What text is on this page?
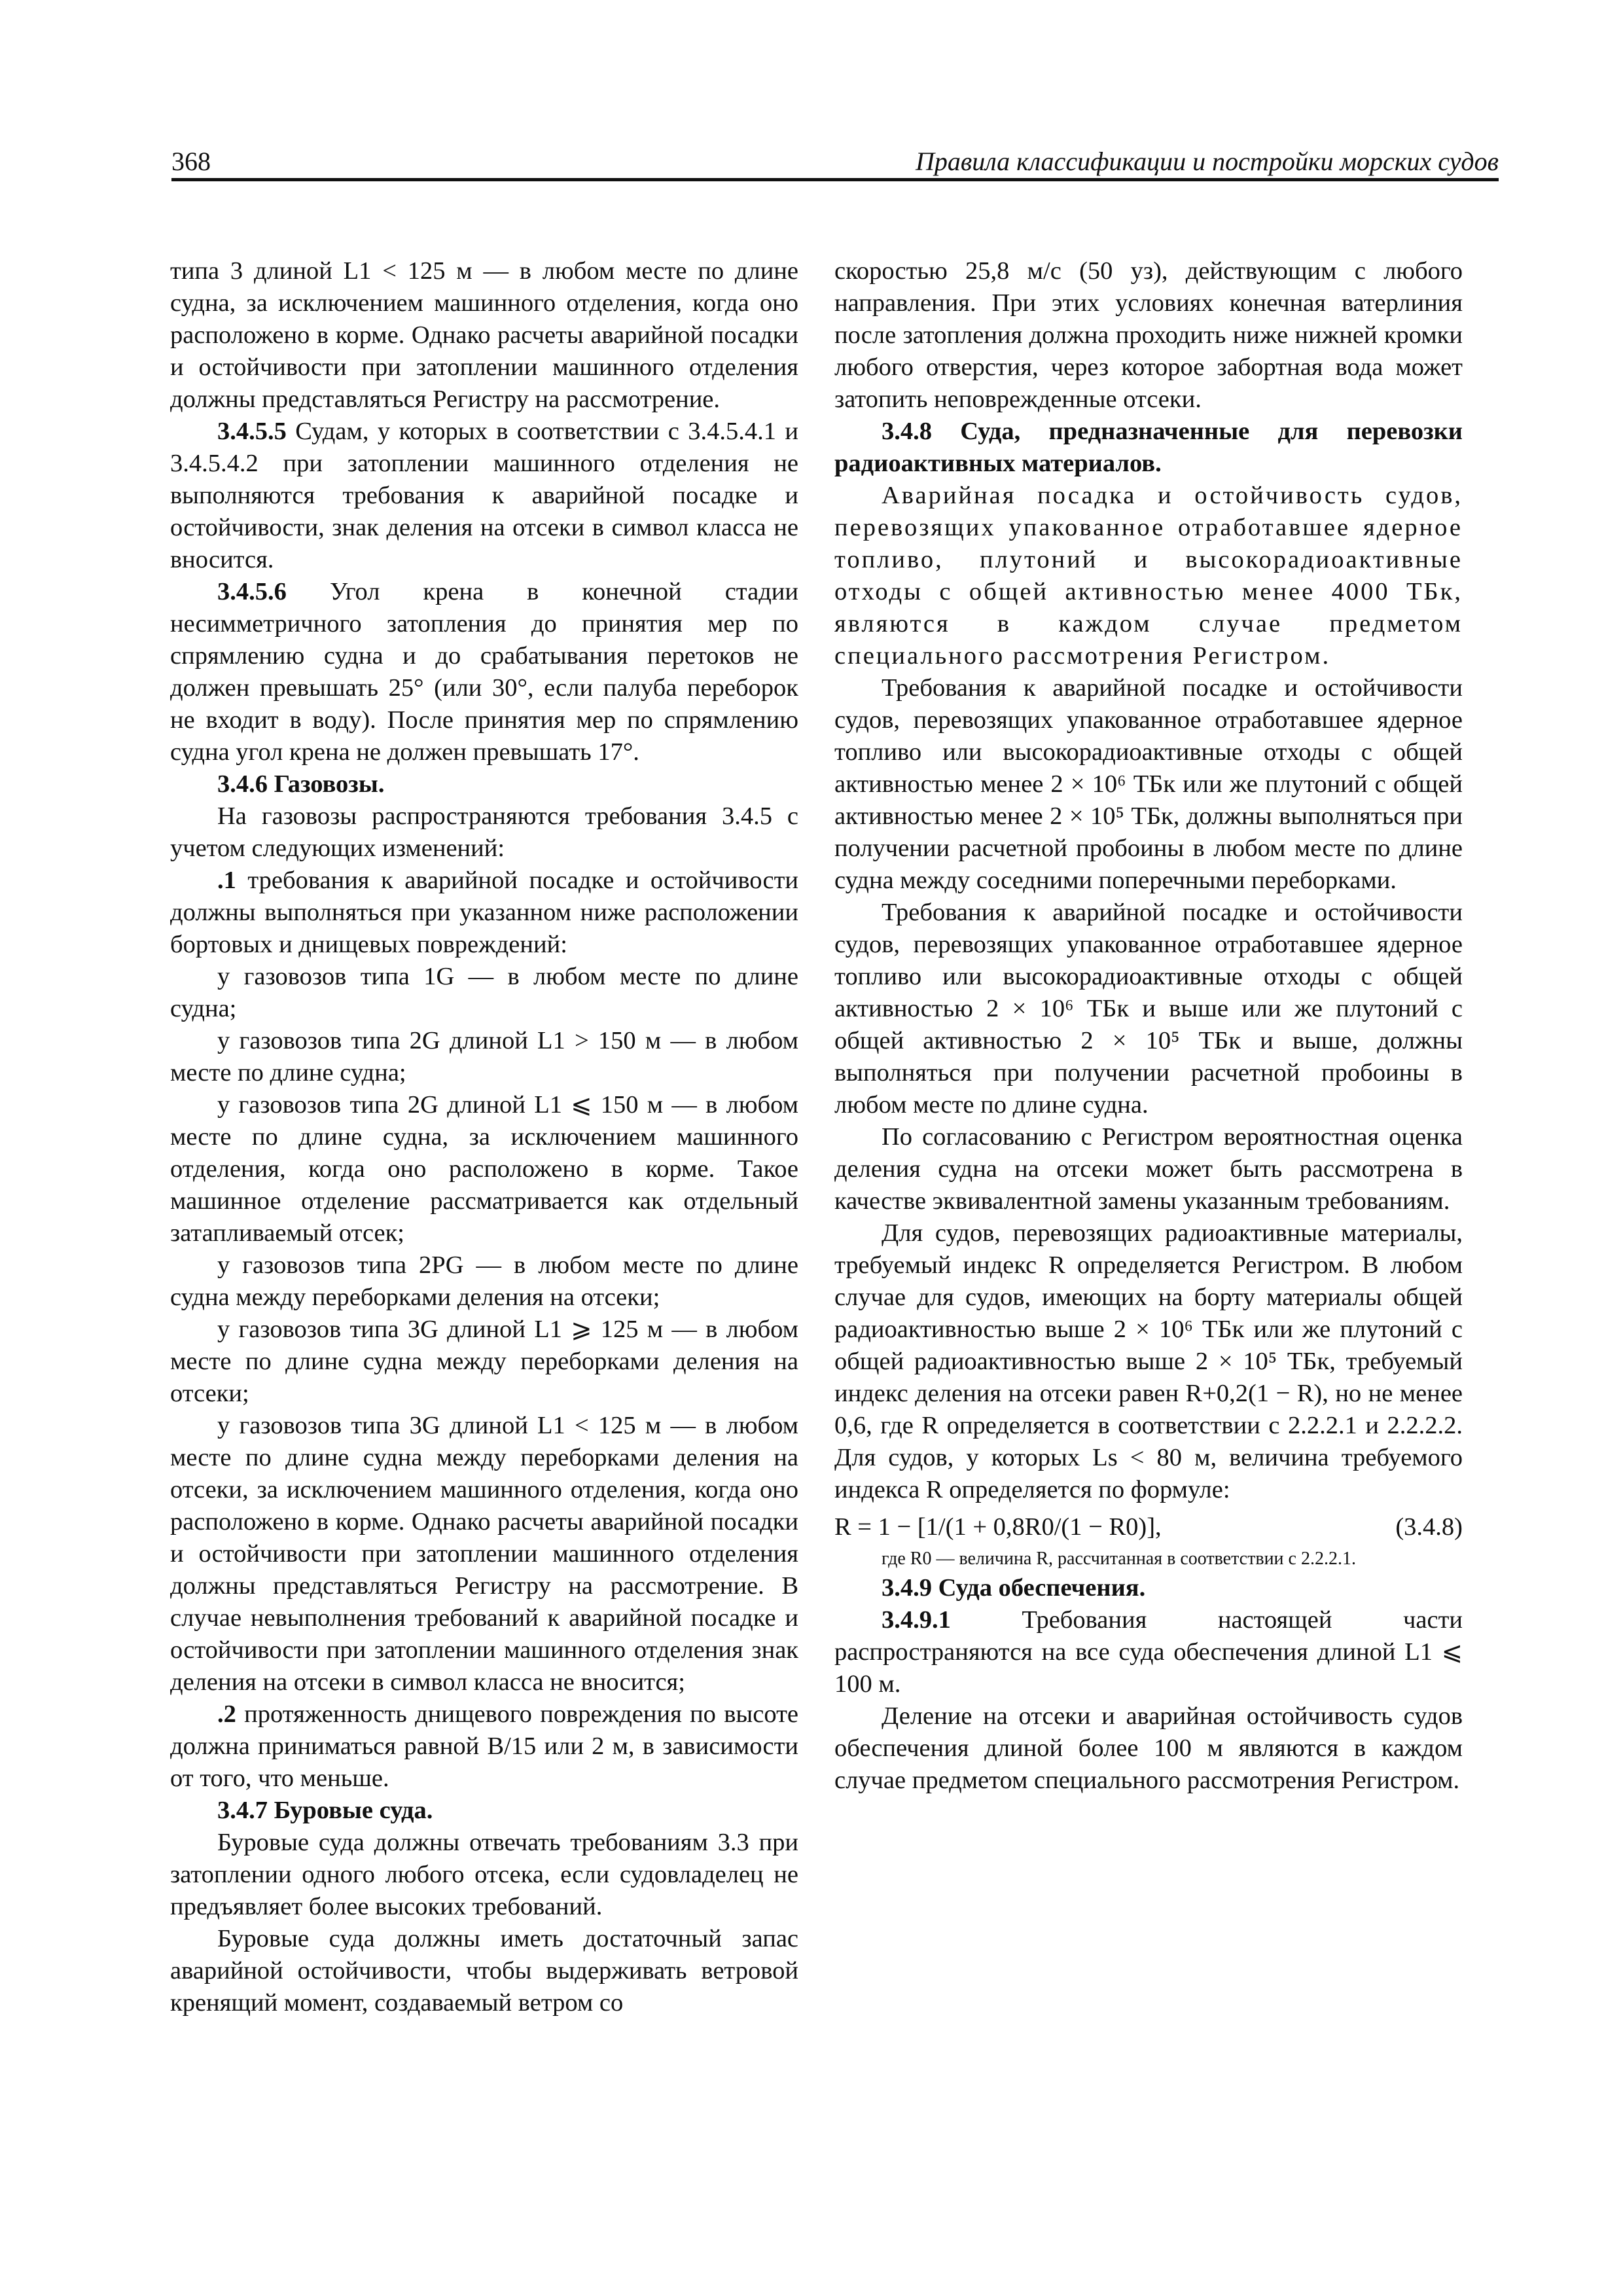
368	Правила классификации и постройки морских судов

типа 3 длиной L1 < 125 м — в любом месте по длине судна, за исключением машинного отделения, когда оно расположено в корме. Однако расчеты аварийной посадки и остойчивости при затоплении машинного отделения должны представляться Регистру на рассмотрение.

3.4.5.5 Судам, у которых в соответствии с 3.4.5.4.1 и 3.4.5.4.2 при затоплении машинного отделения не выполняются требования к аварийной посадке и остойчивости, знак деления на отсеки в символ класса не вносится.

3.4.5.6 Угол крена в конечной стадии несимметричного затопления до принятия мер по спрямлению судна и до срабатывания перетоков не должен превышать 25° (или 30°, если палуба переборок не входит в воду). После принятия мер по спрямлению судна угол крена не должен превышать 17°.

3.4.6 Газовозы.

На газовозы распространяются требования 3.4.5 с учетом следующих изменений:

.1 требования к аварийной посадке и остойчивости должны выполняться при указанном ниже расположении бортовых и днищевых повреждений:

у газовозов типа 1G — в любом месте по длине судна;

у газовозов типа 2G длиной L1 > 150 м — в любом месте по длине судна;

у газовозов типа 2G длиной L1 ⩽ 150 м — в любом месте по длине судна, за исключением машинного отделения, когда оно расположено в корме. Такое машинное отделение рассматривается как отдельный затапливаемый отсек;

у газовозов типа 2PG — в любом месте по длине судна между переборками деления на отсеки;

у газовозов типа 3G длиной L1 ⩾ 125 м — в любом месте по длине судна между переборками деления на отсеки;

у газовозов типа 3G длиной L1 < 125 м — в любом месте по длине судна между переборками деления на отсеки, за исключением машинного отделения, когда оно расположено в корме. Однако расчеты аварийной посадки и остойчивости при затоплении машинного отделения должны представляться Регистру на рассмотрение. В случае невыполнения требований к аварийной посадке и остойчивости при затоплении машинного отделения знак деления на отсеки в символ класса не вносится;

.2 протяженность днищевого повреждения по высоте должна приниматься равной B/15 или 2 м, в зависимости от того, что меньше.

3.4.7 Буровые суда.

Буровые суда должны отвечать требованиям 3.3 при затоплении одного любого отсека, если судовладелец не предъявляет более высоких требований.

Буровые суда должны иметь достаточный запас аварийной остойчивости, чтобы выдерживать ветровой кренящий момент, создаваемый ветром со

скоростью 25,8 м/с (50 уз), действующим с любого направления. При этих условиях конечная ватерлиния после затопления должна проходить ниже нижней кромки любого отверстия, через которое забортная вода может затопить неповрежденные отсеки.

3.4.8 Суда, предназначенные для перевозки радиоактивных материалов.

Аварийная посадка и остойчивость судов, перевозящих упакованное отработавшее ядерное топливо, плутоний и высокорадиоактивные отходы с общей активностью менее 4000 ТБк, являются в каждом случае предметом специального рассмотрения Регистром.

Требования к аварийной посадке и остойчивости судов, перевозящих упакованное отработавшее ядерное топливо или высокорадиоактивные отходы с общей активностью менее 2 × 10⁶ ТБк или же плутоний с общей активностью менее 2 × 10⁵ ТБк, должны выполняться при получении расчетной пробоины в любом месте по длине судна между соседними поперечными переборками.

Требования к аварийной посадке и остойчивости судов, перевозящих упакованное отработавшее ядерное топливо или высокорадиоактивные отходы с общей активностью 2 × 10⁶ ТБк и выше или же плутоний с общей активностью 2 × 10⁵ ТБк и выше, должны выполняться при получении расчетной пробоины в любом месте по длине судна.

По согласованию с Регистром вероятностная оценка деления судна на отсеки может быть рассмотрена в качестве эквивалентной замены указанным требованиям.

Для судов, перевозящих радиоактивные материалы, требуемый индекс R определяется Регистром. В любом случае для судов, имеющих на борту материалы общей радиоактивностью выше 2 × 10⁶ ТБк или же плутоний с общей радиоактивностью выше 2 × 10⁵ ТБк, требуемый индекс деления на отсеки равен R+0,2(1 − R), но не менее 0,6, где R определяется в соответствии с 2.2.2.1 и 2.2.2.2. Для судов, у которых Ls < 80 м, величина требуемого индекса R определяется по формуле:

R = 1 − [1/(1 + 0,8R0/(1 − R0)],	(3.4.8)

где R0 — величина R, рассчитанная в соответствии с 2.2.2.1.

3.4.9 Суда обеспечения.

3.4.9.1 Требования настоящей части распространяются на все суда обеспечения длиной L1 ⩽ 100 м.

Деление на отсеки и аварийная остойчивость судов обеспечения длиной более 100 м являются в каждом случае предметом специального рассмотрения Регистром.
